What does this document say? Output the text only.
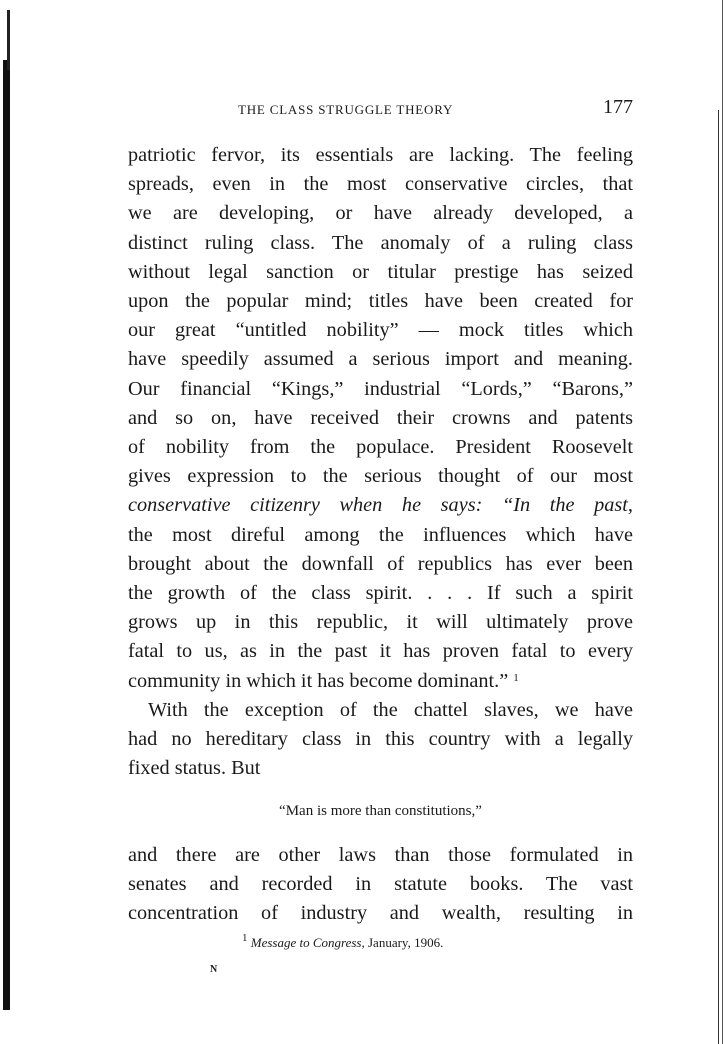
THE CLASS STRUGGLE THEORY	177
patriotic fervor, its essentials are lacking. The feeling
spreads, even in the most conservative circles, that
we are developing, or have already developed, a
distinct ruling class. The anomaly of a ruling class
without legal sanction or titular prestige has seized
upon the popular mind; titles have been created for
our great “untitled nobility” — mock titles which
have speedily assumed a serious import and meaning.
Our financial “Kings,” industrial “Lords,” “Barons,”
and so on, have received their crowns and patents
of nobility from the populace. President Roosevelt
gives expression to the serious thought of our most
conservative citizenry when he says: “In the past,
the most direful among the influences which have
brought about the downfall of republics has ever been
the growth of the class spirit. . . . If such a spirit
grows up in this republic, it will ultimately prove
fatal to us, as in the past it has proven fatal to every
community in which it has become dominant.” $^1$
With the exception of the chattel slaves, we have
had no hereditary class in this country with a legally
fixed status. But
“Man is more than constitutions,”
and there are other laws than those formulated in
senates and recorded in statute books. The vast
concentration of industry and wealth, resulting in
$^1$ Message to Congress, January, 1906.
N
